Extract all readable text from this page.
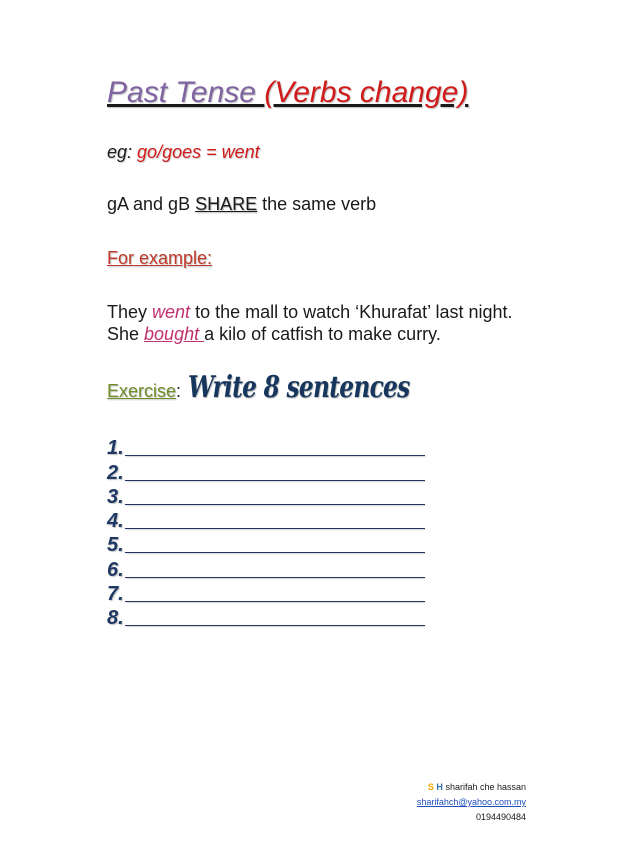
Past Tense (Verbs change)
eg: go/goes = went
gA and gB SHARE the same verb
For example:
They went to the mall to watch ‘Khurafat’ last night.
She bought a kilo of catfish to make curry.
Exercise: Write 8 sentences
1.
2.
3.
4.
5.
6.
7.
8.
S H sharifah che hassan
sharifahch@yahoo.com.my
0194490484
